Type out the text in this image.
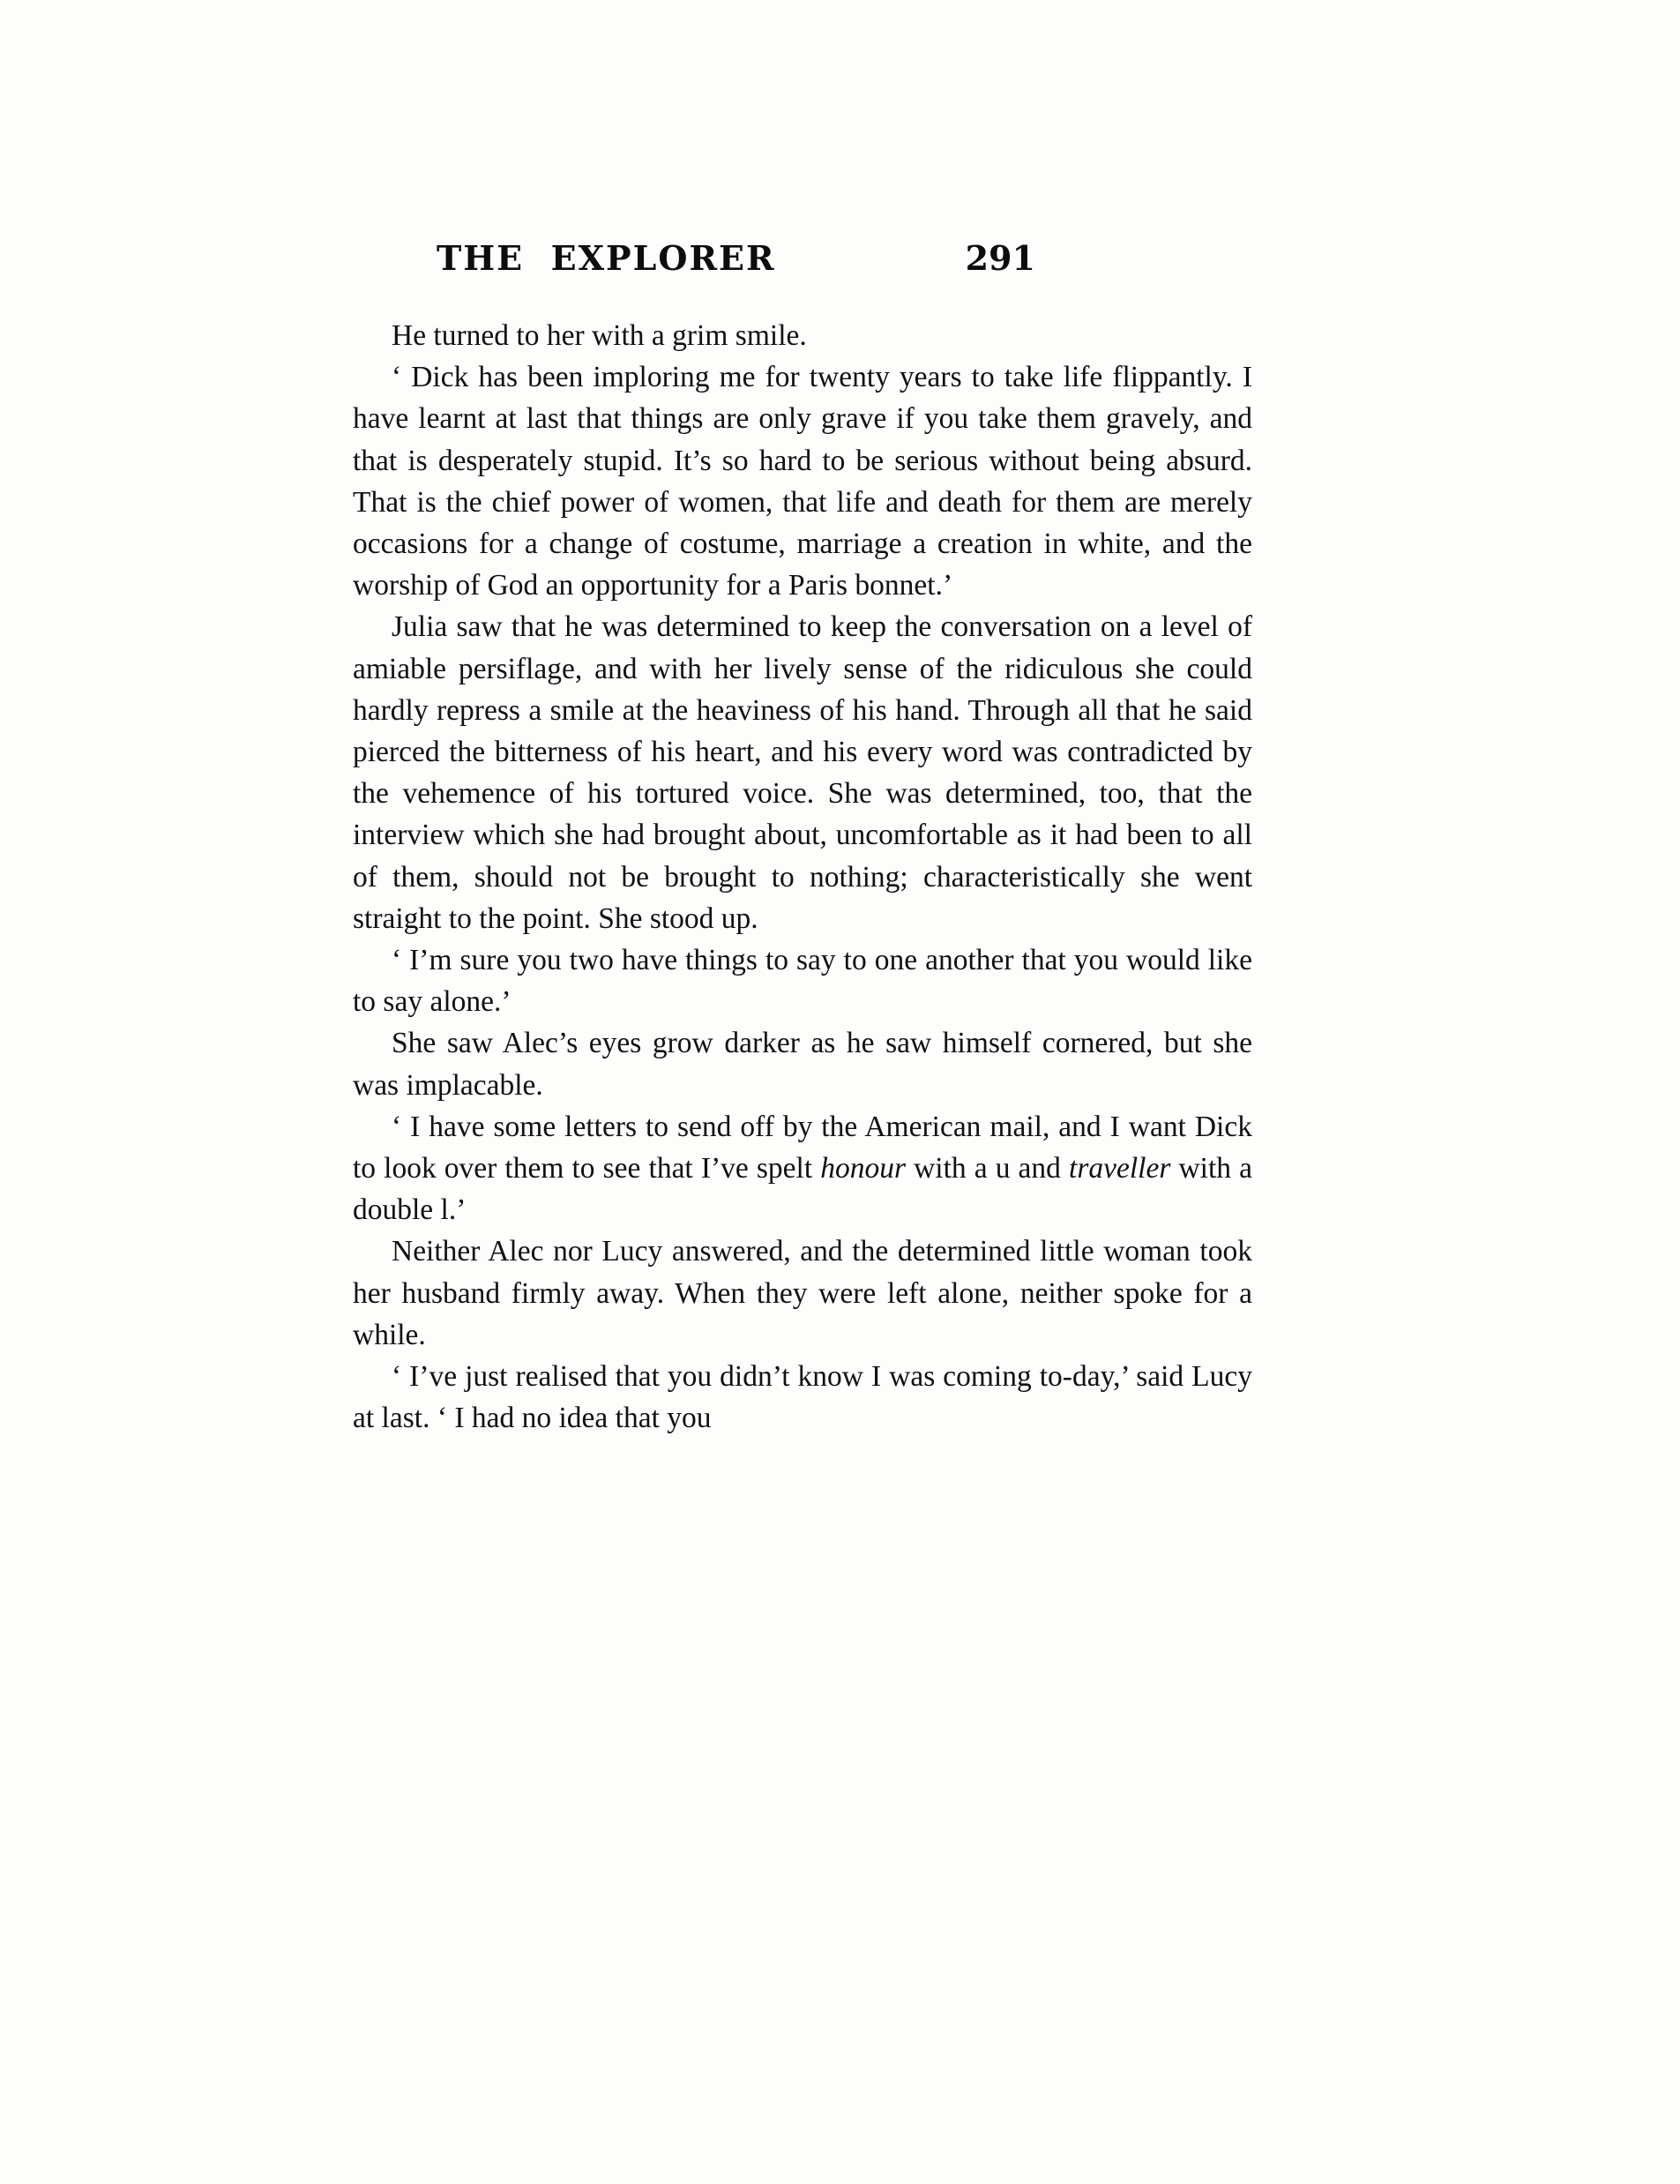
THE  EXPLORER	291

He turned to her with a grim smile.

‘ Dick has been imploring me for twenty years to take life flippantly. I have learnt at last that things are only grave if you take them gravely, and that is desperately stupid. It’s so hard to be serious without being absurd. That is the chief power of women, that life and death for them are merely occasions for a change of costume, marriage a creation in white, and the worship of God an opportunity for a Paris bonnet.’

Julia saw that he was determined to keep the conversation on a level of amiable persiflage, and with her lively sense of the ridiculous she could hardly repress a smile at the heaviness of his hand. Through all that he said pierced the bitterness of his heart, and his every word was contradicted by the vehemence of his tortured voice. She was determined, too, that the interview which she had brought about, uncomfortable as it had been to all of them, should not be brought to nothing; characteristically she went straight to the point. She stood up.

‘ I’m sure you two have things to say to one another that you would like to say alone.’

She saw Alec’s eyes grow darker as he saw himself cornered, but she was implacable.

‘ I have some letters to send off by the American mail, and I want Dick to look over them to see that I’ve spelt honour with a u and traveller with a double l.’

Neither Alec nor Lucy answered, and the determined little woman took her husband firmly away. When they were left alone, neither spoke for a while.

‘ I’ve just realised that you didn’t know I was coming to-day,’ said Lucy at last. ‘ I had no idea that you
